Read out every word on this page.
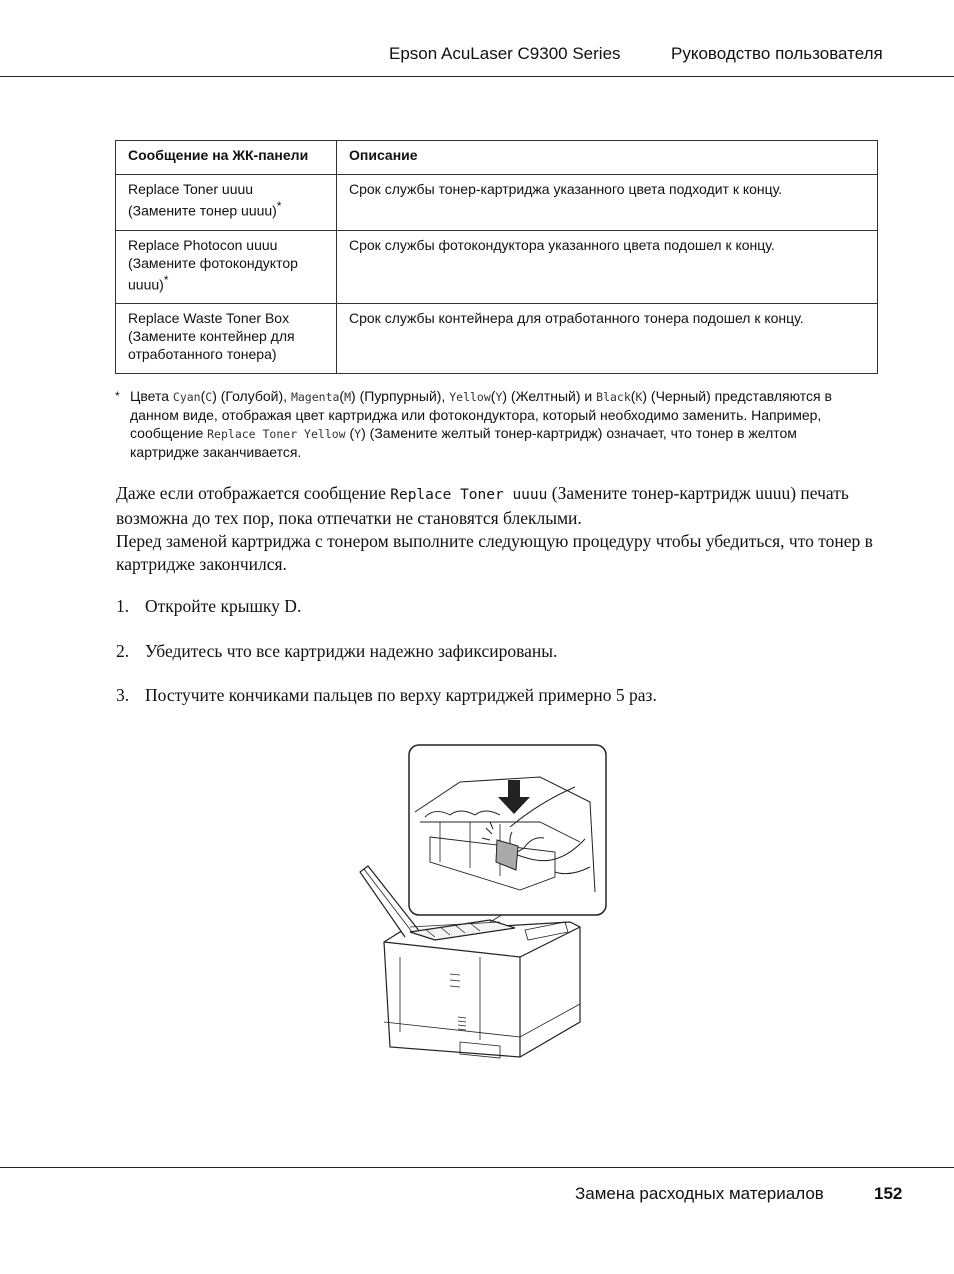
Epson AcuLaser C9300 Series	Руководство пользователя
Сообщение на ЖК-панели	Описание
Replace Toner uuuu
(Замените тонер uuuu)*	Срок службы тонер-картриджа указанного цвета подходит к концу.
Replace Photocon uuuu
(Замените фотокондуктор
uuuu)*	Срок службы фотокондуктора указанного цвета подошел к концу.
Replace Waste Toner Box
(Замените контейнер для
отработанного тонера)	Срок службы контейнера для отработанного тонера подошел к концу.
* Цвета Cyan(C) (Голубой), Magenta(M) (Пурпурный), Yellow(Y) (Желтный) и Black(K) (Черный) представляются в данном виде, отображая цвет картриджа или фотокондуктора, который необходимо заменить. Например, сообщение Replace Toner Yellow (Y) (Замените желтый тонер-картридж) означает, что тонер в желтом картридже заканчивается.

Даже если отображается сообщение Replace Toner uuuu (Замените тонер-картридж uuuu) печать возможна до тех пор, пока отпечатки не становятся блеклыми.

Перед заменой картриджа с тонером выполните следующую процедуру чтобы убедиться, что тонер в картридже закончился.

1. Откройте крышку D.
2. Убедитесь что все картриджи надежно зафиксированы.
3. Постучите кончиками пальцев по верху картриджей примерно 5 раз.
Замена расходных материалов	152
